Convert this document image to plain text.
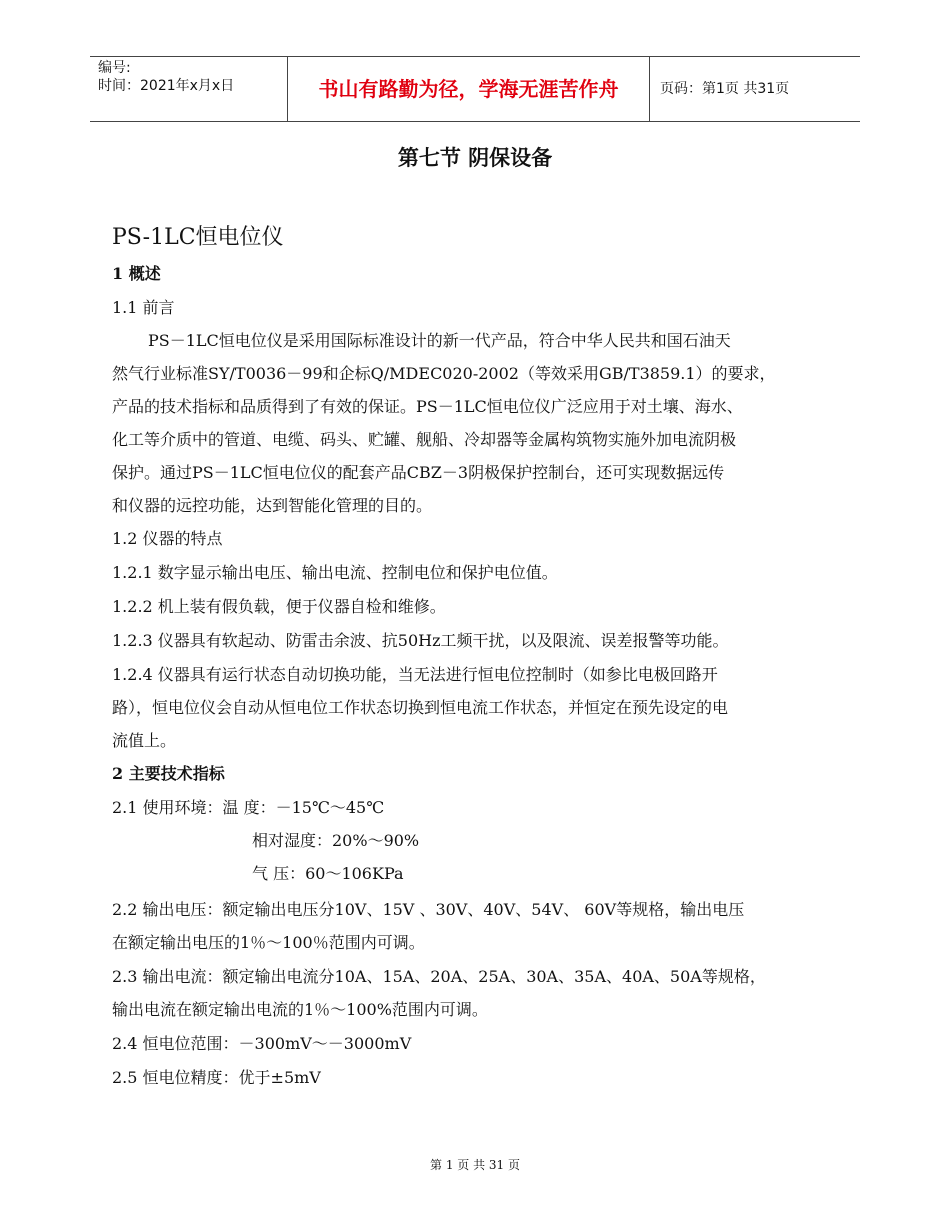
编号:
时间：2021年x月x日	书山有路勤为径，学海无涯苦作舟	页码：第1页 共31页
第七节 阴保设备
PS-1LC恒电位仪
1 概述
1.1 前言
PS－1LC恒电位仪是采用国际标准设计的新一代产品，符合中华人民共和国石油天
然气行业标准SY/T0036－99和企标Q/MDEC020-2002（等效采用GB/T3859.1）的要求，
产品的技术指标和品质得到了有效的保证。PS－1LC恒电位仪广泛应用于对土壤、海水、
化工等介质中的管道、电缆、码头、贮罐、舰船、冷却器等金属构筑物实施外加电流阴极
保护。通过PS－1LC恒电位仪的配套产品CBZ－3阴极保护控制台，还可实现数据远传
和仪器的远控功能，达到智能化管理的目的。
1.2 仪器的特点
1.2.1 数字显示输出电压、输出电流、控制电位和保护电位值。
1.2.2 机上装有假负载，便于仪器自检和维修。
1.2.3 仪器具有软起动、防雷击余波、抗50Hz工频干扰，以及限流、误差报警等功能。
1.2.4 仪器具有运行状态自动切换功能，当无法进行恒电位控制时（如参比电极回路开
路），恒电位仪会自动从恒电位工作状态切换到恒电流工作状态，并恒定在预先设定的电
流值上。
2 主要技术指标
2.1 使用环境：温 度：－15℃～45℃
相对湿度：20%～90%
气 压：60～106KPa
2.2 输出电压：额定输出电压分10V、15V 、30V、40V、54V、 60V等规格，输出电压
在额定输出电压的1％～100％范围内可调。
2.3 输出电流：额定输出电流分10A、15A、20A、25A、30A、35A、40A、50A等规格，
输出电流在额定输出电流的1％～100%范围内可调。
2.4 恒电位范围：－300mV～－3000mV
2.5 恒电位精度：优于±5mV
第 1 页 共 31 页
